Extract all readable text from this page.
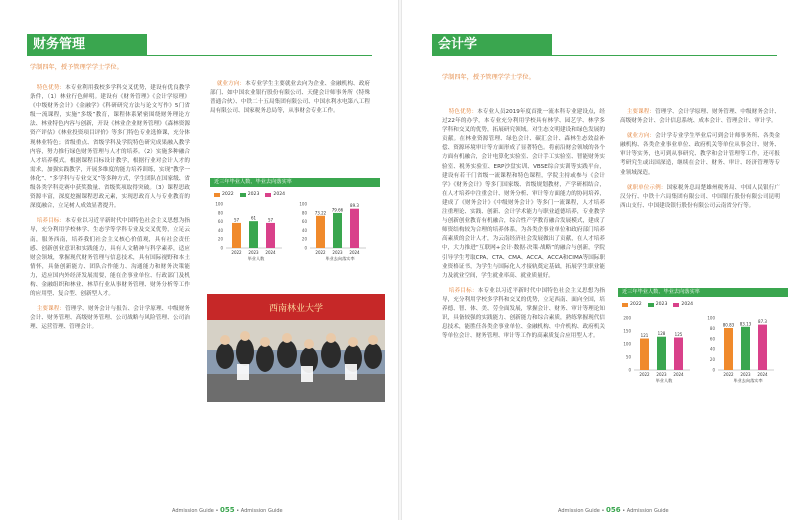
财务管理
学制四年，授予管理学学士学位。
特色优势：本专业利用我校多学科交叉优势，建设有优良教学条件，（1）林业行色鲜明。建设有《财务管理》《会计学原理》《中级财务会计》《金融学》《科研研究方法与论文写作》5门省级一流课程，实施“多级”教育，课程体系紧密围绕财务理论方法、林业特色内容与创新，开设《林业企业财务管理》《森林资源资产评估》《林业投资项目评价》等多门特色专业选修课，充分体现林业特色；省级重点、省级学科及学院特色研究成果融入教学内容，努力推行绿色财务管理与人才的培养。（2）实施多种融合人才培养模式。根据课程目标设计教学，根据行业对会计人才的需求，加强实践教学，开展多维度的能力培养训练，实现“教学一体化”、“多学科与专业交叉”等多种方式，学生团队在国家级、省级各类学科竞赛中获奖数量、省级奖项取得突破。（3）课程思政资源丰富，深度挖掘课程思政元素，实现思政育人与专业教育的深度融合，立足树人成效显著提升。
培养目标：本专业以习近平新时代中国特色社会主义思想为指导，充分利用学校林学、生态学等学科专业及交叉优势，立足云南，服务西南，培养我们社会主义核心价值观，具有社会责任感、创新创业意识和实践能力，具有人文精神与科学素养，适应财会领域，掌握现代财务管理与信息技术，具有国际视野和本土情怀，具备创新能力、团队合作能力、沟通能力和财务决策能力，适应国内外经济发展需要，能在企事业单位、行政部门及机构、金融组织和林业、林草行业从事财务管理、财务分析等工作的应用型、复合型、创新型人才。
主要课程：管理学、财务会计与报告、会计学原理、中级财务会计、财务管理、高级财务管理、公司战略与风险管理、公司治理、运营管理、管理会计。
就业方向：本专业学生主要就业去向为企业、金融机构、政府部门、如中国农业银行股份有限公司、天健会计师事务所（特殊普通合伙）、中铁二十五局集团有限公司、中国水利水电第八工程局有限公司、国家税务总局等，从事财会专业工作。
近三年毕业人数、毕业去向落实率
2022	2023	2024
100
80
60
40
20
0
57
2022
61
2023
57
2024
毕业人数
100
80
60
40
20
0
73.22
2022
79.66
2023
89.3
2024
毕业去向落实率
西南林业大学
Admission Guide • 055 • Admission Guide
会计学
学制四年，授予管理学学士学位。
特色优势：本专业人员2019年度首批一流本科专业建设点，经过22年的办学，本专业充分利用学校具有林学、园艺学、林学多学科和交叉的优势，拓展研究领域。对生态文明建设和绿色发展的贡献。在林业资源管理、绿色会计、碳汇会计、森林生态效益补偿、资源环境审计等方面形成了显著特色。将前沿财会领域的各个方面有机融合，会计电算化实验室、会计手工实验室、智能财务实验室、税务实验室、ERP沙盘实训、VBSE综合实训等实践平台，建设有若干门省级一流课程和特色课程，学院主持或参与《会计学》《财务会计》等多门国家级、省级规划教材，产学研相结合，在人才培养中注重会计、财务分析、审计等方面能力的协同培养，建成了《财务会计》《中级财务会计》等多门一流课程，人才培养注重理论、实践、创新、会计学术能力与职业道德培养，专业教学与创新创业教育有机融合，综合性产学教育融合发展模式，建成了师资结构较为合理的培养体系，为各类企事业单位和政府部门培养高素质的会计人才，为云南经济社会发展做出了贡献，在人才培养中，大力推进“互联网+会计·数据·决策·战略”的融合与创新，学院引导学生考取CPA、CTA、CMA、ACCA、ACCA和CIMA等国际职业资格证书，为学生与国际化人才接轨奠定基础，拓展学生职业能力及就业空间，学生就业率高、就业质量好。
培养目标：本专业以习近平新时代中国特色社会主义思想为指导，充分利用学校多学科和交叉的优势，立足西南、面向全国，培养德、智、体、美、劳全面发展，掌握会计、财务、审计等理论知识，具备较强的实践能力、创新能力和综合素质，熟练掌握现代信息技术，能胜任各类企事业单位、金融机构、中介机构、政府机关等单位会计、财务管理、审计等工作的高素质复合应用型人才。
主要课程：管理学、会计学原理、财务管理、中级财务会计、高级财务会计、会计信息系统、成本会计、管理会计、审计学。
就业方向：会计学专业学生毕业后可到会计师事务所、各类金融机构、各类企业事业单位、政府机关等单位从事会计、财务、审计等实务，也可到从事研究、教学和会计管理等工作，还可报考研究生或出国深造，继续在会计、财务、审计、经济管理等专业领域深造。
就职单位示例：国家税务总局楚雄州税务局、中国人民银行广汉分行、中铁十六局集团有限公司、中国银行股份有限公司昆明西山支行、中国建设银行股份有限公司云南省分行等。
近三年毕业人数、毕业去向落实率
2022	2023	2024
200
150
100
50
0
121
2022
128
2023
125
2024
毕业人数
100
80
60
40
20
0
80.83
2022
83.13
2023
87.3
2024
毕业去向落实率
Admission Guide • 056 • Admission Guide
